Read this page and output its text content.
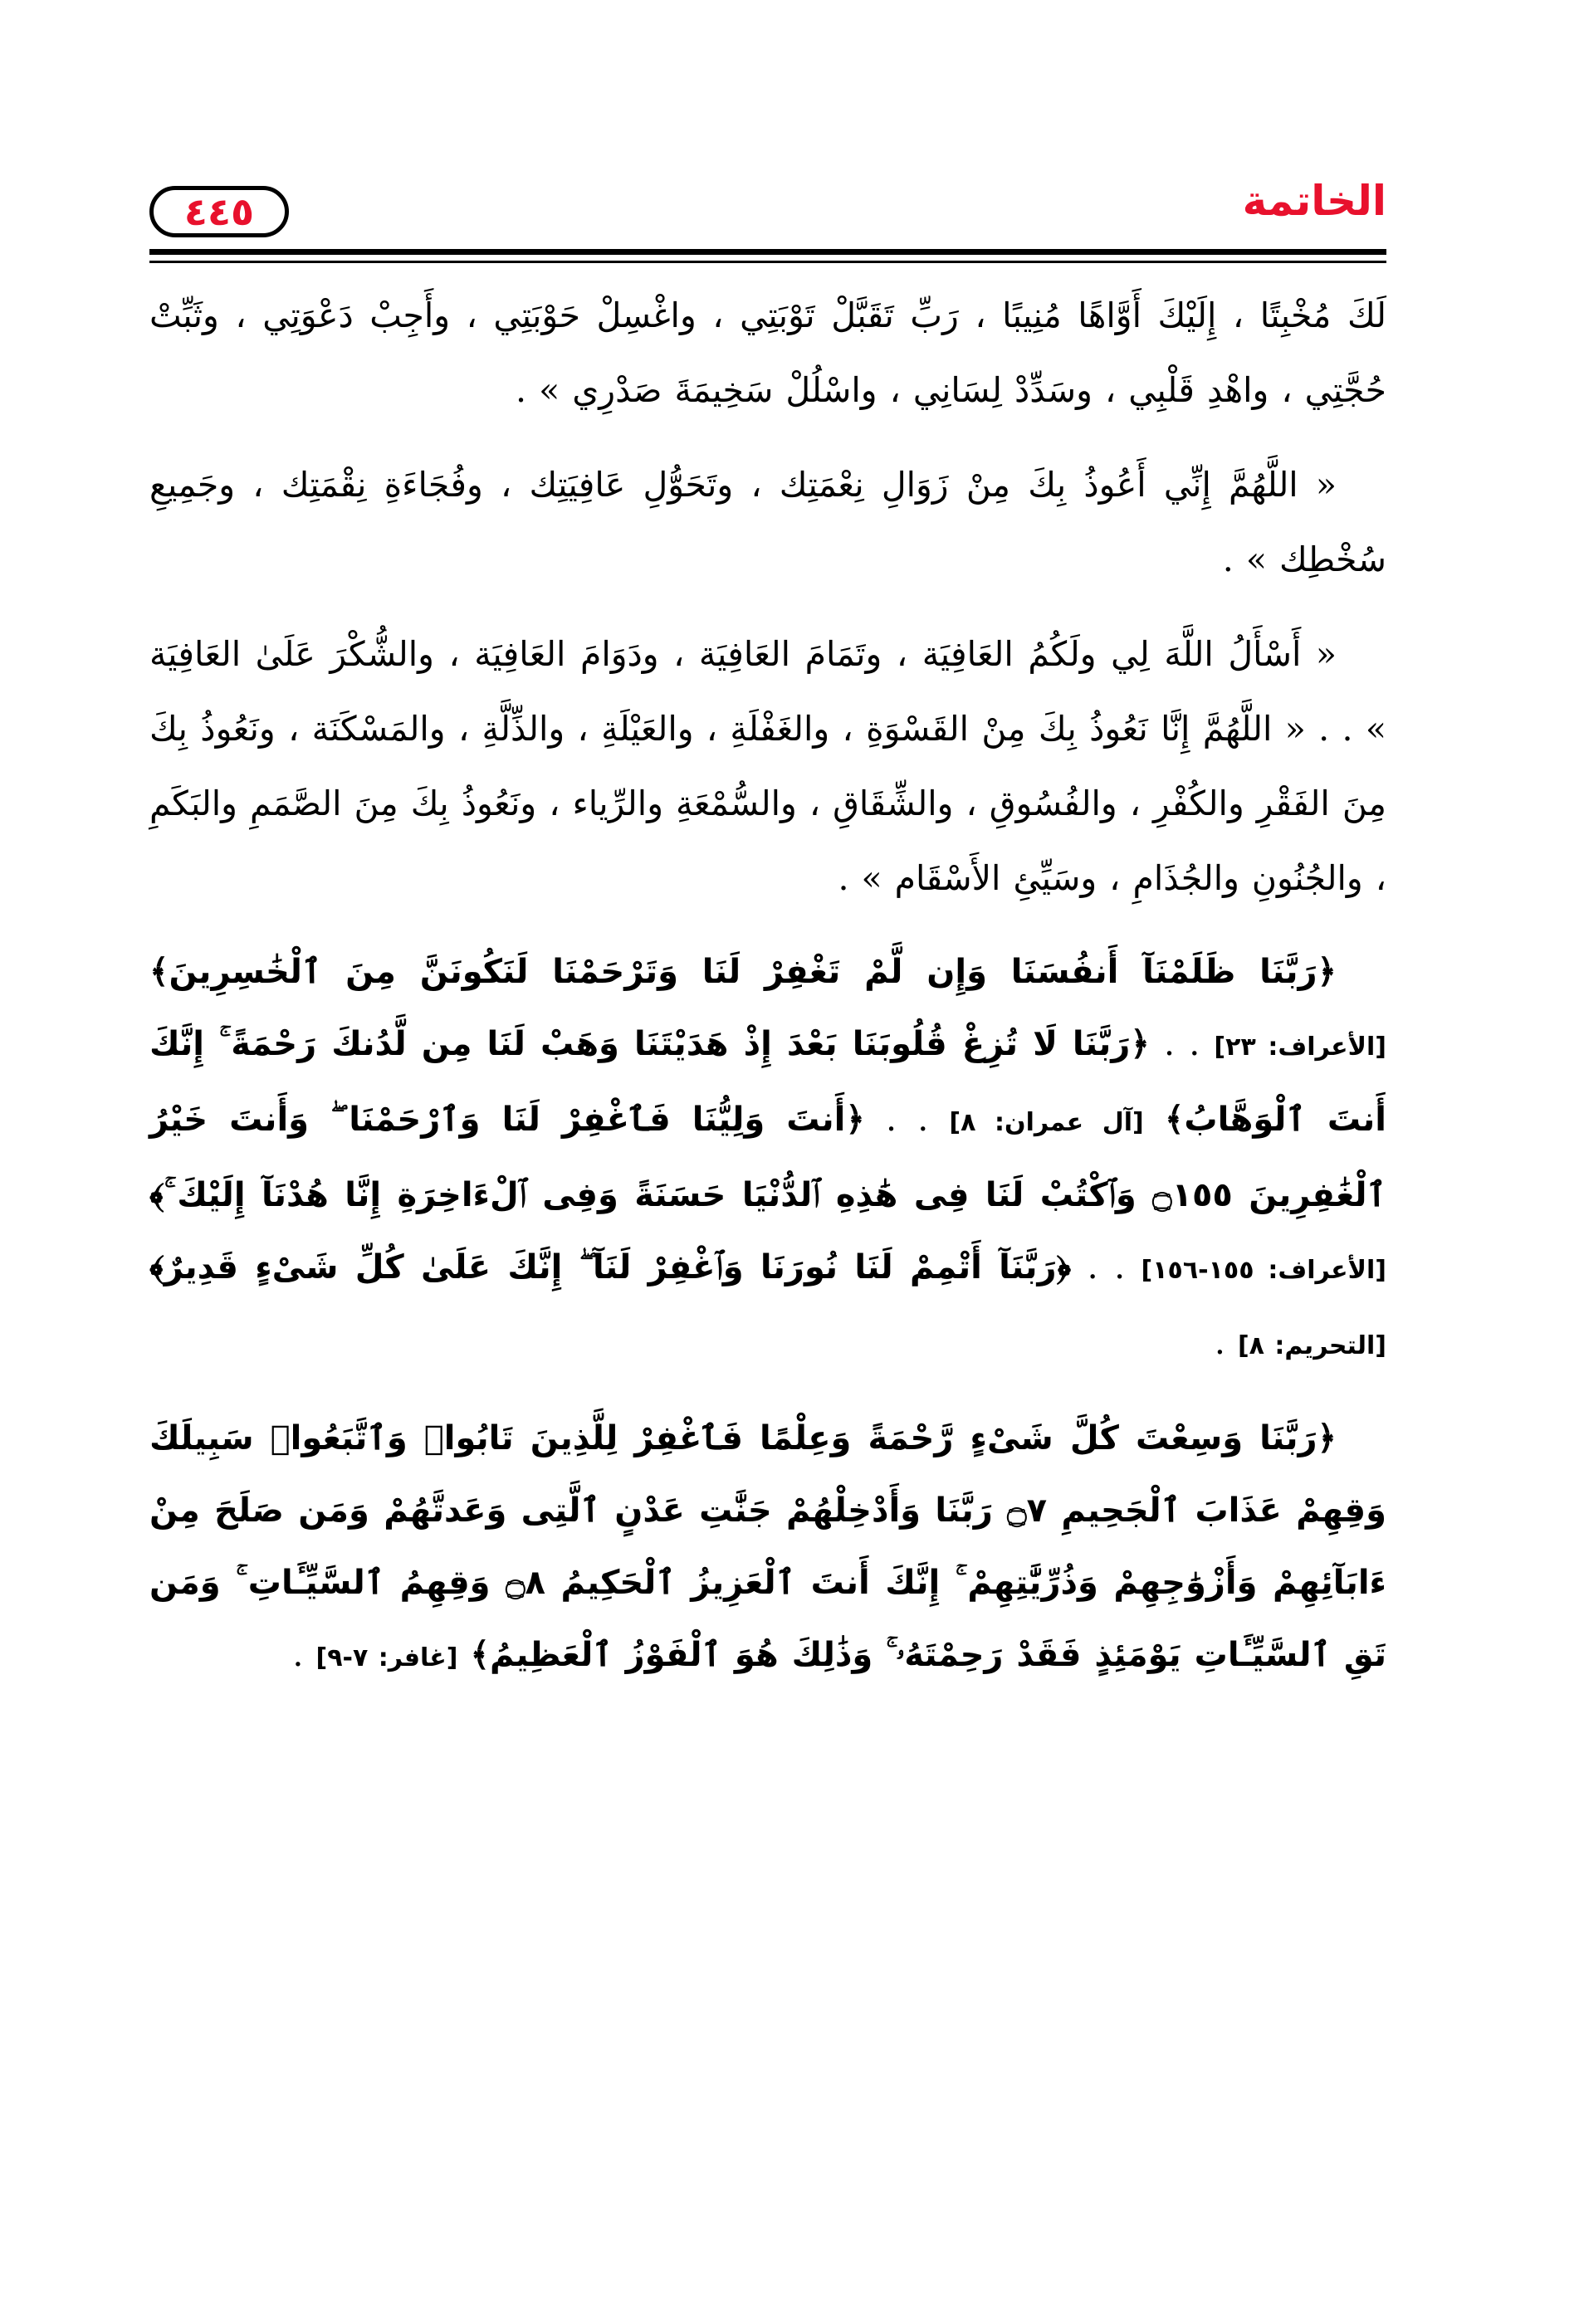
الخاتمة
٤٤٥

لَكَ مُخْبِتًا ، إِلَيْكَ أَوَّاهًا مُنِيبًا ، رَبِّ تَقَبَّلْ تَوْبَتِي ، واغْسِلْ حَوْبَتِي ، وأَجِبْ دَعْوَتِي ، وثَبِّتْ حُجَّتِي ، واهْدِ قَلْبِي ، وسَدِّدْ لِسَانِي ، واسْلُلْ سَخِيمَةَ صَدْرِي » .

« اللَّهُمَّ إِنِّي أَعُوذُ بِكَ مِنْ زَوَالِ نِعْمَتِك ، وتَحَوُّلِ عَافِيَتِك ، وفُجَاءَةِ نِقْمَتِك ، وجَمِيعِ سُخْطِك » .

« أَسْأَلُ اللَّهَ لِي ولَكُمُ العَافِيَة ، وتَمَامَ العَافِيَة ، ودَوَامَ العَافِيَة ، والشُّكْرَ عَلَىٰ العَافِيَة » . . « اللَّهُمَّ إِنَّا نَعُوذُ بِكَ مِنْ القَسْوَةِ ، والغَفْلَةِ ، والعَيْلَةِ ، والذِّلَّةِ ، والمَسْكَنَة ، ونَعُوذُ بِكَ مِنَ الفَقْرِ والكُفْرِ ، والفُسُوقِ ، والشِّقَاقِ ، والسُّمْعَةِ والرِّياء ، ونَعُوذُ بِكَ مِنَ الصَّمَمِ والبَكَمِ ، والجُنُونِ والجُذَامِ ، وسَيِّئِ الأَسْقَام » .

﴿رَبَّنَا ظَلَمْنَآ أَنفُسَنَا وَإِن لَّمْ تَغْفِرْ لَنَا وَتَرْحَمْنَا لَنَكُونَنَّ مِنَ ٱلْخَٰسِرِينَ﴾ [الأعراف: ٢٣] . . ﴿رَبَّنَا لَا تُزِغْ قُلُوبَنَا بَعْدَ إِذْ هَدَيْتَنَا وَهَبْ لَنَا مِن لَّدُنكَ رَحْمَةً ۚ إِنَّكَ أَنتَ ٱلْوَهَّابُ﴾ [آل عمران: ٨] . . ﴿أَنتَ وَلِيُّنَا فَٱغْفِرْ لَنَا وَٱرْحَمْنَا ۖ وَأَنتَ خَيْرُ ٱلْغَٰفِرِينَ ۝١٥٥ وَٱكْتُبْ لَنَا فِى هَٰذِهِ ٱلدُّنْيَا حَسَنَةً وَفِى ٱلْءَاخِرَةِ إِنَّا هُدْنَآ إِلَيْكَ ۚ﴾ [الأعراف: ١٥٥-١٥٦] . . ﴿رَبَّنَآ أَتْمِمْ لَنَا نُورَنَا وَٱغْفِرْ لَنَآ ۖ إِنَّكَ عَلَىٰ كُلِّ شَىْءٍ قَدِيرٌ﴾ [التحريم: ٨] .

﴿رَبَّنَا وَسِعْتَ كُلَّ شَىْءٍ رَّحْمَةً وَعِلْمًا فَٱغْفِرْ لِلَّذِينَ تَابُوا۟ وَٱتَّبَعُوا۟ سَبِيلَكَ وَقِهِمْ عَذَابَ ٱلْجَحِيمِ ۝٧ رَبَّنَا وَأَدْخِلْهُمْ جَنَّٰتِ عَدْنٍ ٱلَّتِى وَعَدتَّهُمْ وَمَن صَلَحَ مِنْ ءَابَآئِهِمْ وَأَزْوَٰجِهِمْ وَذُرِّيَّٰتِهِمْ ۚ إِنَّكَ أَنتَ ٱلْعَزِيزُ ٱلْحَكِيمُ ۝٨ وَقِهِمُ ٱلسَّيِّـَٔاتِ ۚ وَمَن تَقِ ٱلسَّيِّـَٔاتِ يَوْمَئِذٍ فَقَدْ رَحِمْتَهُۥ ۚ وَذَٰلِكَ هُوَ ٱلْفَوْزُ ٱلْعَظِيمُ﴾ [غافر: ٧-٩] .
